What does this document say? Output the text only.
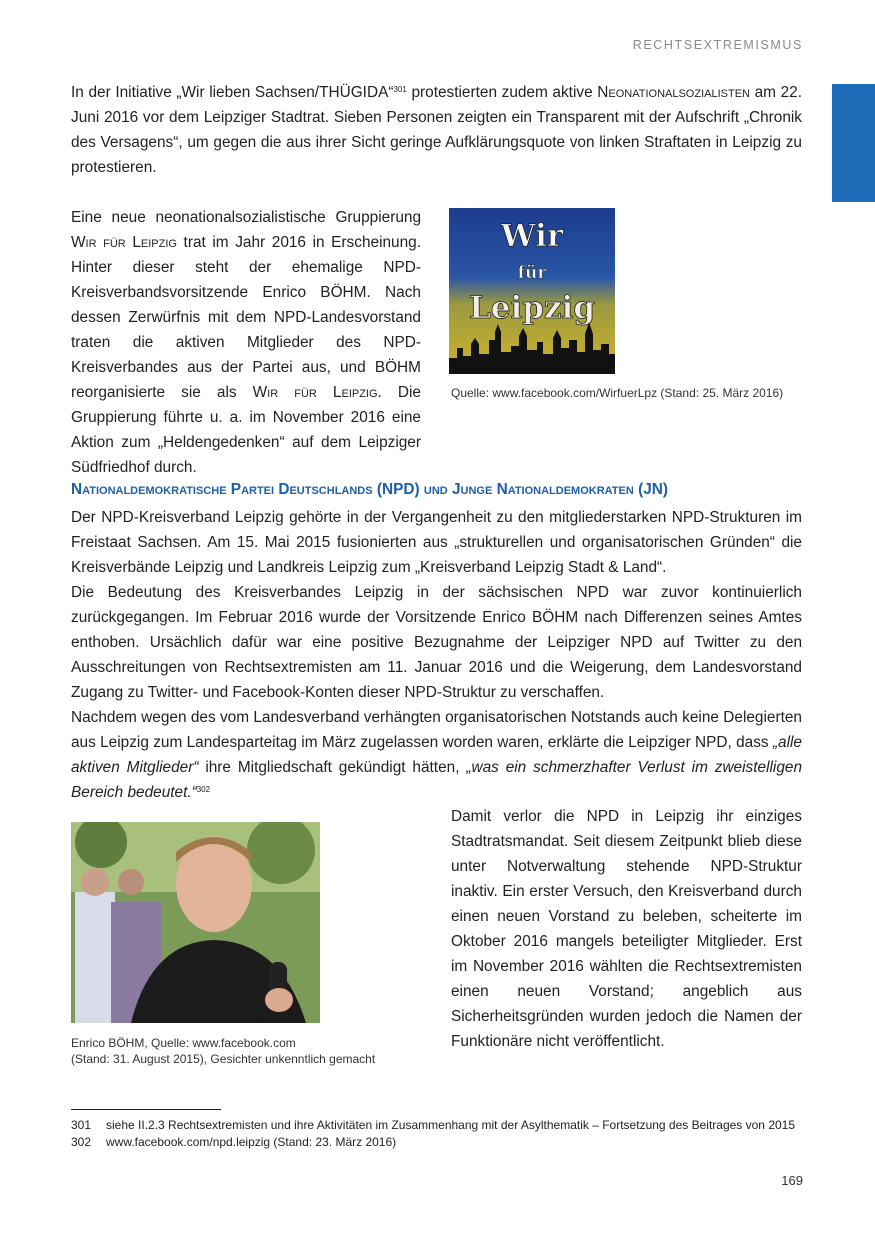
RECHTSEXTREMISMUS

In der Initiative „Wir lieben Sachsen/THÜGIDA“$^{301}$ protestierten zudem aktive Neonationalsozialisten am 22. Juni 2016 vor dem Leipziger Stadtrat. Sieben Personen zeigten ein Transparent mit der Aufschrift „Chronik des Versagens“, um gegen die aus ihrer Sicht geringe Aufklärungsquote von linken Straftaten in Leipzig zu protestieren.

Eine neue neonationalsozialistische Gruppierung Wir für Leipzig trat im Jahr 2016 in Erscheinung. Hinter dieser steht der ehemalige NPD-Kreisverbandsvorsitzende Enrico BÖHM. Nach dessen Zerwürfnis mit dem NPD-Landesvorstand traten die aktiven Mitglieder des NPD-Kreisverbandes aus der Partei aus, und BÖHM reorganisierte sie als Wir für Leipzig. Die Gruppierung führte u. a. im November 2016 eine Aktion zum „Heldengedenken“ auf dem Leipziger Südfriedhof durch.

Wir
für
Leipzig
Quelle: www.facebook.com/WirfuerLpz (Stand: 25. März 2016)
Nationaldemokratische Partei Deutschlands (NPD) und Junge Nationaldemokraten (JN)

Der NPD-Kreisverband Leipzig gehörte in der Vergangenheit zu den mitgliederstarken NPD-Strukturen im Freistaat Sachsen. Am 15. Mai 2015 fusionierten aus „strukturellen und organisatorischen Gründen“ die Kreisverbände Leipzig und Landkreis Leipzig zum „Kreisverband Leipzig Stadt & Land“.

Die Bedeutung des Kreisverbandes Leipzig in der sächsischen NPD war zuvor kontinuierlich zurückgegangen. Im Februar 2016 wurde der Vorsitzende Enrico BÖHM nach Differenzen seines Amtes enthoben. Ursächlich dafür war eine positive Bezugnahme der Leipziger NPD auf Twitter zu den Ausschreitungen von Rechtsextremisten am 11. Januar 2016 und die Weigerung, dem Landesvorstand Zugang zu Twitter- und Facebook-Konten dieser NPD-Struktur zu verschaffen.

Nachdem wegen des vom Landesverband verhängten organisatorischen Notstands auch keine Delegierten aus Leipzig zum Landesparteitag im März zugelassen worden waren, erklärte die Leipziger NPD, dass „alle aktiven Mitglieder“ ihre Mitgliedschaft gekündigt hätten, „was ein schmerzhafter Verlust im zweistelligen Bereich bedeutet.“$^{302}$

Enrico BÖHM, Quelle: www.facebook.com
(Stand: 31. August 2015), Gesichter unkenntlich gemacht

Damit verlor die NPD in Leipzig ihr einziges Stadtratsmandat. Seit diesem Zeitpunkt blieb diese unter Notverwaltung stehende NPD-Struktur inaktiv. Ein erster Versuch, den Kreisverband durch einen neuen Vorstand zu beleben, scheiterte im Oktober 2016 mangels beteiligter Mitglieder. Erst im November 2016 wählten die Rechtsextremisten einen neuen Vorstand; angeblich aus Sicherheitsgründen wurden jedoch die Namen der Funktionäre nicht veröffentlicht.

301 siehe II.2.3 Rechtsextremisten und ihre Aktivitäten im Zusammenhang mit der Asylthematik – Fortsetzung des Beitrages von 2015
302 www.facebook.com/npd.leipzig (Stand: 23. März 2016)
169
